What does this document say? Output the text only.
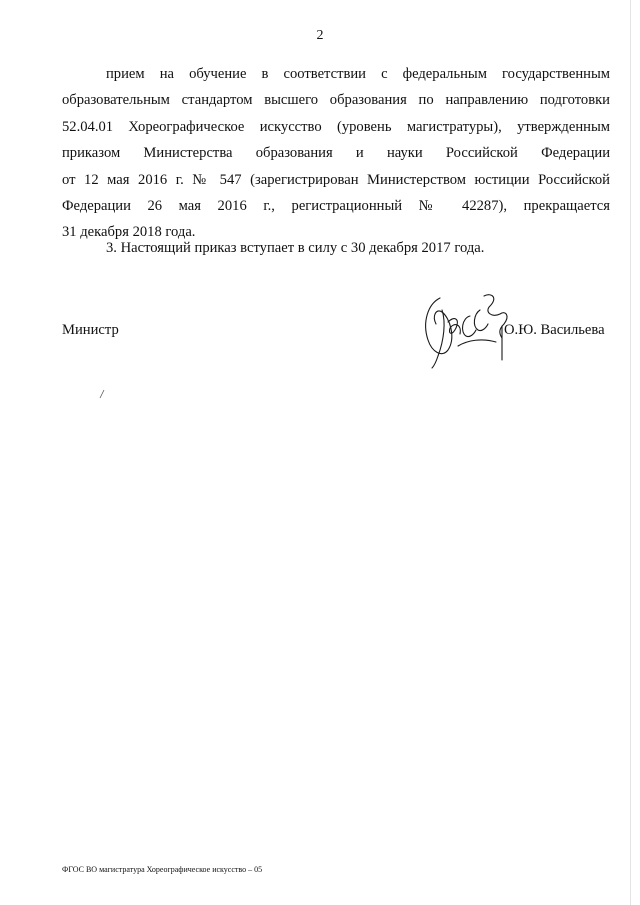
2
прием на обучение в соответствии с федеральным государственным
образовательным стандартом высшего образования по направлению подготовки
52.04.01 Хореографическое искусство (уровень магистратуры), утвержденным
приказом Министерства образования и науки Российской Федерации
от 12 мая 2016 г. № 547 (зарегистрирован Министерством юстиции Российской
Федерации 26 мая 2016 г., регистрационный № 42287), прекращается
31 декабря 2018 года.
3. Настоящий приказ вступает в силу с 30 декабря 2017 года.
Министр	О.Ю. Васильева
ФГОС ВО магистратура Хореографическое искусство – 05
